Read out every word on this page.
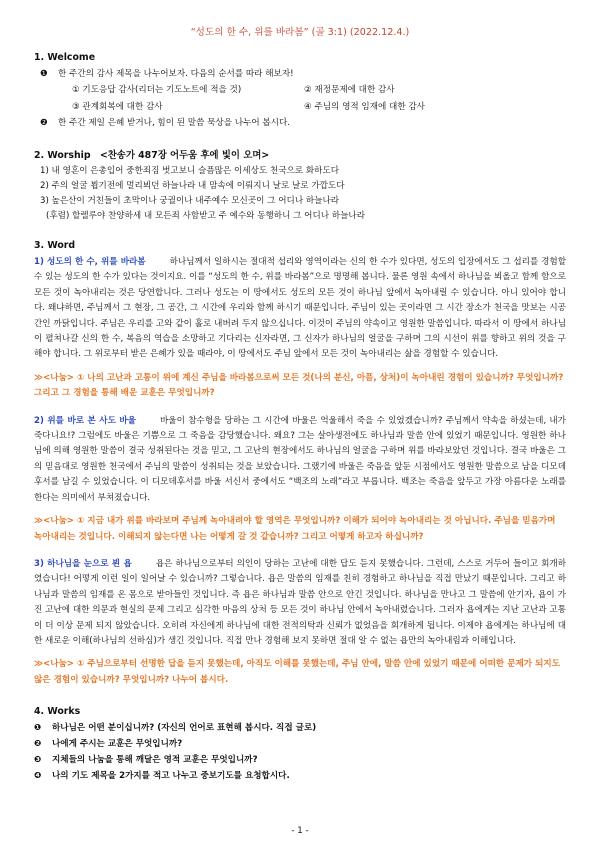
“성도의 한 수, 위를 바라봄” (골 3:1) (2022.12.4.)
1. Welcome
❶	한 주간의 감사 제목을 나누어보자. 다음의 순서를 따라 해보자!
① 기도응답 감사(리더는 기도노트에 적을 것)	② 재정문제에 대한 감사
③ 관계회복에 대한 감사	④ 주님의 영적 임재에 대한 감사
❷	한 주간 제일 은혜 받거나, 힘이 된 말씀 묵상을 나누어 봅시다.
2. Worship <찬송가 487장 어두움 후에 빛이 오며>
1) 내 영혼이 은총입어 중한죄짐 벗고보니 슬픔많은 이세상도 천국으로 화하도다
2) 주의 얼굴 뵙기전에 멀리뵈던 하늘나라 내 맘속에 이뤄지니 날로 날로 가깝도다
3) 높은산이 거친들이 초막이나 궁궐이나 내주예수 모신곳이 그 어디나 하늘나라
(후렴) 할렐루야 찬양하세 내 모든죄 사함받고 주 예수와 동행하니 그 어디나 하늘나라
3. Word
1) 성도의 한 수, 위를 바라봄	하나님께서 일하시는 절대적 섭리와 영역이라는 신의 한 수가 있다면, 성도의 입장에서도 그 섭리를 경험할 수 있는 성도의 한 수가 있다는 것이지요. 이를 “성도의 한 수, 위를 바라봄”으로 명명해 봅니다. 물론 영원 속에서 하나님을 뵈올고 함께 함으로 모든 것이 녹아내리는 것은 당연합니다. 그러나 성도는 이 땅에서도 성도의 모든 것이 하나님 앞에서 녹아내릴 수 있습니다. 아니 있어야 합니다. 왜냐하면, 주님께서 그 현장, 그 공간, 그 시간에 우리와 함께 하시기 때문입니다. 주님이 있는 곳이라면 그 시간 장소가 천국을 맛보는 시공간인 까닭입니다. 주님은 우리를 고와 같이 홀로 내버려 두지 않으십니다. 이것이 주님의 약속이고 영원한 말씀입니다. 따라서 이 땅에서 하나님이 펼쳐나갈 신의 한 수, 복음의 역습을 소망하고 기다리는 신자라면, 그 신자가 하나님의 얼굴을 구하며 그의 시선이 위를 향하고 위의 것을 구해야 합니다. 그 위로부터 받은 은혜가 있을 때라야, 이 땅에서도 주님 앞에서 모든 것이 녹아내리는 삶을 경험할 수 있습니다.
≫<나눔> ① 나의 고난과 고통이 위에 계신 주님을 바라봄으로써 모든 것(나의 분신, 아픔, 상처)이 녹아내린 경험이 있습니까? 무엇입니까? 그리고 그 경험을 통해 배운 교훈은 무엇입니까?
2) 위를 바로 본 사도 바울	바울이 참수형을 당하는 그 시간에 바울은 억울해서 죽을 수 있었겠습니까? 주님께서 약속을 하셨는데, 내가 죽다니요!? 그럼에도 바울은 기쁨으로 그 죽음을 감당했습니다. 왜요? 그는 살아생전에도 하나님과 말씀 안에 있었기 때문입니다. 영원한 하나님에 의해 영원한 말씀이 결국 성취된다는 것을 믿고, 그 고난의 현장에서도 하나님의 얼굴을 구하며 위를 바라보았던 것입니다. 결국 바울은 그의 믿음대로 영원한 천국에서 주님의 말씀이 성취되는 것을 보았습니다. 그랬기에 바울은 죽음을 앞둔 시점에서도 영원한 말씀으로 남을 디모데후서를 남길 수 있었습니다. 이 디모데후서를 바울 서신서 중에서도 “백조의 노래”라고 부릅니다. 백조는 죽음을 앞두고 가장 아름다운 노래를 한다는 의미에서 부쳐졌습니다.
≫<나눔> ① 지금 내가 위를 바라보며 주님께 녹아내려야 할 영역은 무엇입니까? 이해가 되어야 녹아내리는 것 아닙니다. 주님을 믿음가며 녹아내리는 것입니다. 이해되지 않는다면 나는 어떻게 갈 것 같습니까? 그리고 어떻게 하고자 하십니까?
3) 하나님을 눈으로 뵌 욥	욥은 하나님으로부터 의인이 당하는 고난에 대한 답도 듣지 못했습니다. 그런데, 스스로 거두어 들이고 회개하였습니다! 어떻게 이런 일이 일어날 수 있습니까? 그렇습니다. 욥은 말씀의 임재를 친히 경험하고 하나님을 직접 만났기 때문입니다. 그리고 하나님과 말씀의 임재를 온 몸으로 받아들인 것입니다. 즉 욥은 하나님과 말씀 안으로 안긴 것입니다. 하나님을 만나고 그 말씀에 안기자, 욥이 가진 고난에 대한 의문과 현실의 문제 그리고 심각한 마음의 상처 등 모든 것이 하나님 안에서 녹아내렸습니다. 그러자 욥에게는 지난 고난과 고통이 더 이상 문제 되지 않았습니다. 오히려 자신에게 하나님에 대한 전적의탁과 신뢰가 없었음을 회개하게 됩니다. 이제야 욥에게는 하나님에 대한 새로운 이해(하나님의 선하심)가 생긴 것입니다. 직접 만나 경험해 보지 못하면 절대 알 수 없는 욥만의 녹아내림과 이해입니다.
≫<나눔> ① 주님으로부터 선명한 답을 듣지 못했는데, 아직도 이해를 못했는데, 주님 안에, 말씀 안에 있었기 때문에 어떠한 문제가 되지도 않은 경험이 있습니까? 무엇입니까? 나누어 봅시다.
4. Works
❶	하나님은 어떤 분이십니까? (자신의 언어로 표현해 봅시다. 직접 글로)
❷	나에게 주시는 교훈은 무엇입니까?
❸	지체들의 나눔을 통해 깨달은 영적 교훈은 무엇입니까?
❹	나의 기도 제목을 2가지를 적고 나누고 중보기도를 요청합시다.
- 1 -
